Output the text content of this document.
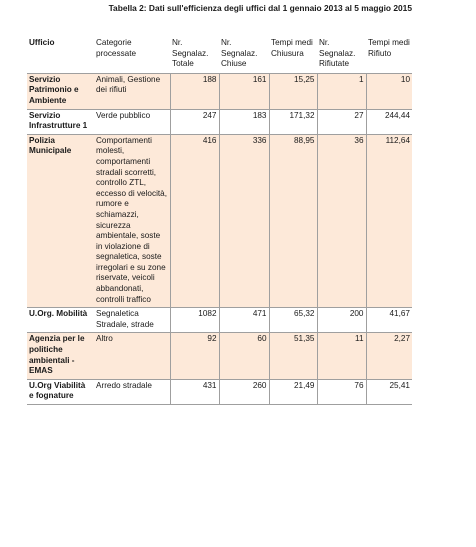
Tabella 2: Dati sull'efficienza degli uffici dal 1 gennaio 2013 al 5 maggio 2015
Ufficio	Categorie processate	Nr. Segnalaz. Totale	Nr. Segnalaz. Chiuse	Tempi medi Chiusura	Nr. Segnalaz. Rifiutate	Tempi medi Rifiuto
Servizio Patrimonio e Ambiente	Animali, Gestione dei rifiuti	188	161	15,25	1	10
Servizio Infrastrutture 1	Verde pubblico	247	183	171,32	27	244,44
Polizia Municipale	Comportamenti molesti, comportamenti stradali scorretti, controllo ZTL, eccesso di velocità, rumore e schiamazzi, sicurezza ambientale, soste in violazione di segnaletica, soste irregolari e su zone riservate, veicoli abbandonati, controlli traffico	416	336	88,95	36	112,64
U.Org. Mobilità	Segnaletica Stradale, strade	1082	471	65,32	200	41,67
Agenzia per le politiche ambientali - EMAS	Altro	92	60	51,35	11	2,27
U.Org Viabilità e fognature	Arredo stradale	431	260	21,49	76	25,41
